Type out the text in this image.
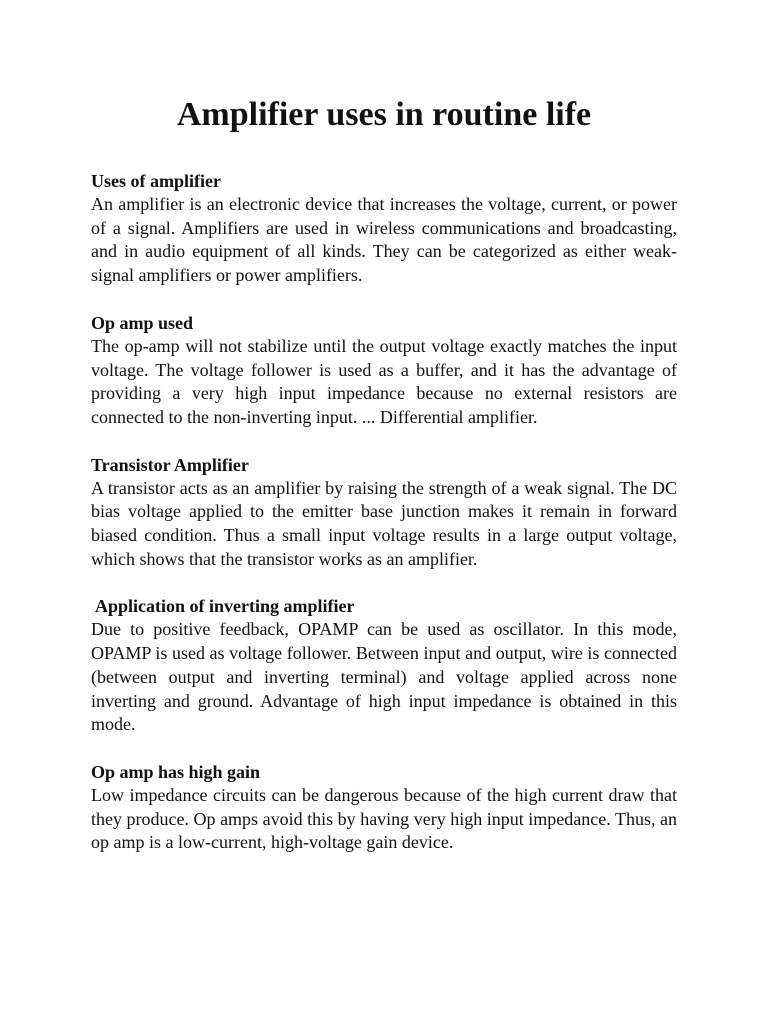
Amplifier uses in routine life

Uses of amplifier

An amplifier is an electronic device that increases the voltage, current, or power of a signal. Amplifiers are used in wireless communications and broadcasting, and in audio equipment of all kinds. They can be categorized as either weak-signal amplifiers or power amplifiers.

Op amp used

The op-amp will not stabilize until the output voltage exactly matches the input voltage. The voltage follower is used as a buffer, and it has the advantage of providing a very high input impedance because no external resistors are connected to the non-inverting input. ... Differential amplifier.

Transistor Amplifier

A transistor acts as an amplifier by raising the strength of a weak signal. The DC bias voltage applied to the emitter base junction makes it remain in forward biased condition. Thus a small input voltage results in a large output voltage, which shows that the transistor works as an amplifier.

Application of inverting amplifier

Due to positive feedback, OPAMP can be used as oscillator. In this mode, OPAMP is used as voltage follower. Between input and output, wire is connected (between output and inverting terminal) and voltage applied across none inverting and ground. Advantage of high input impedance is obtained in this mode.

Op amp has high gain

Low impedance circuits can be dangerous because of the high current draw that they produce. Op amps avoid this by having very high input impedance. Thus, an op amp is a low-current, high-voltage gain device.
